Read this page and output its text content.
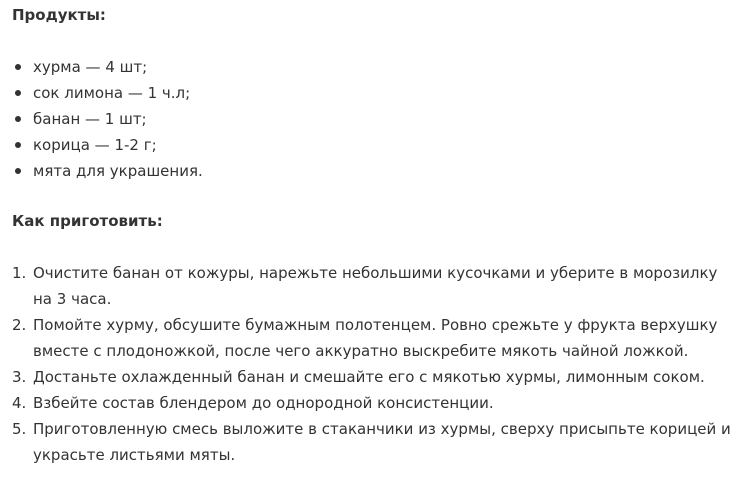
Продукты:

хурма — 4 шт;
сок лимона — 1 ч.л;
банан — 1 шт;
корица — 1-2 г;
мята для украшения.

Как приготовить:

1. Очистите банан от кожуры, нарежьте небольшими кусочками и уберите в морозилку на 3 часа.
2. Помойте хурму, обсушите бумажным полотенцем. Ровно срежьте у фрукта верхушку вместе с плодоножкой, после чего аккуратно выскребите мякоть чайной ложкой.
3. Достаньте охлажденный банан и смешайте его с мякотью хурмы, лимонным соком.
4. Взбейте состав блендером до однородной консистенции.
5. Приготовленную смесь выложите в стаканчики из хурмы, сверху присыпьте корицей и украсьте листьями мяты.
